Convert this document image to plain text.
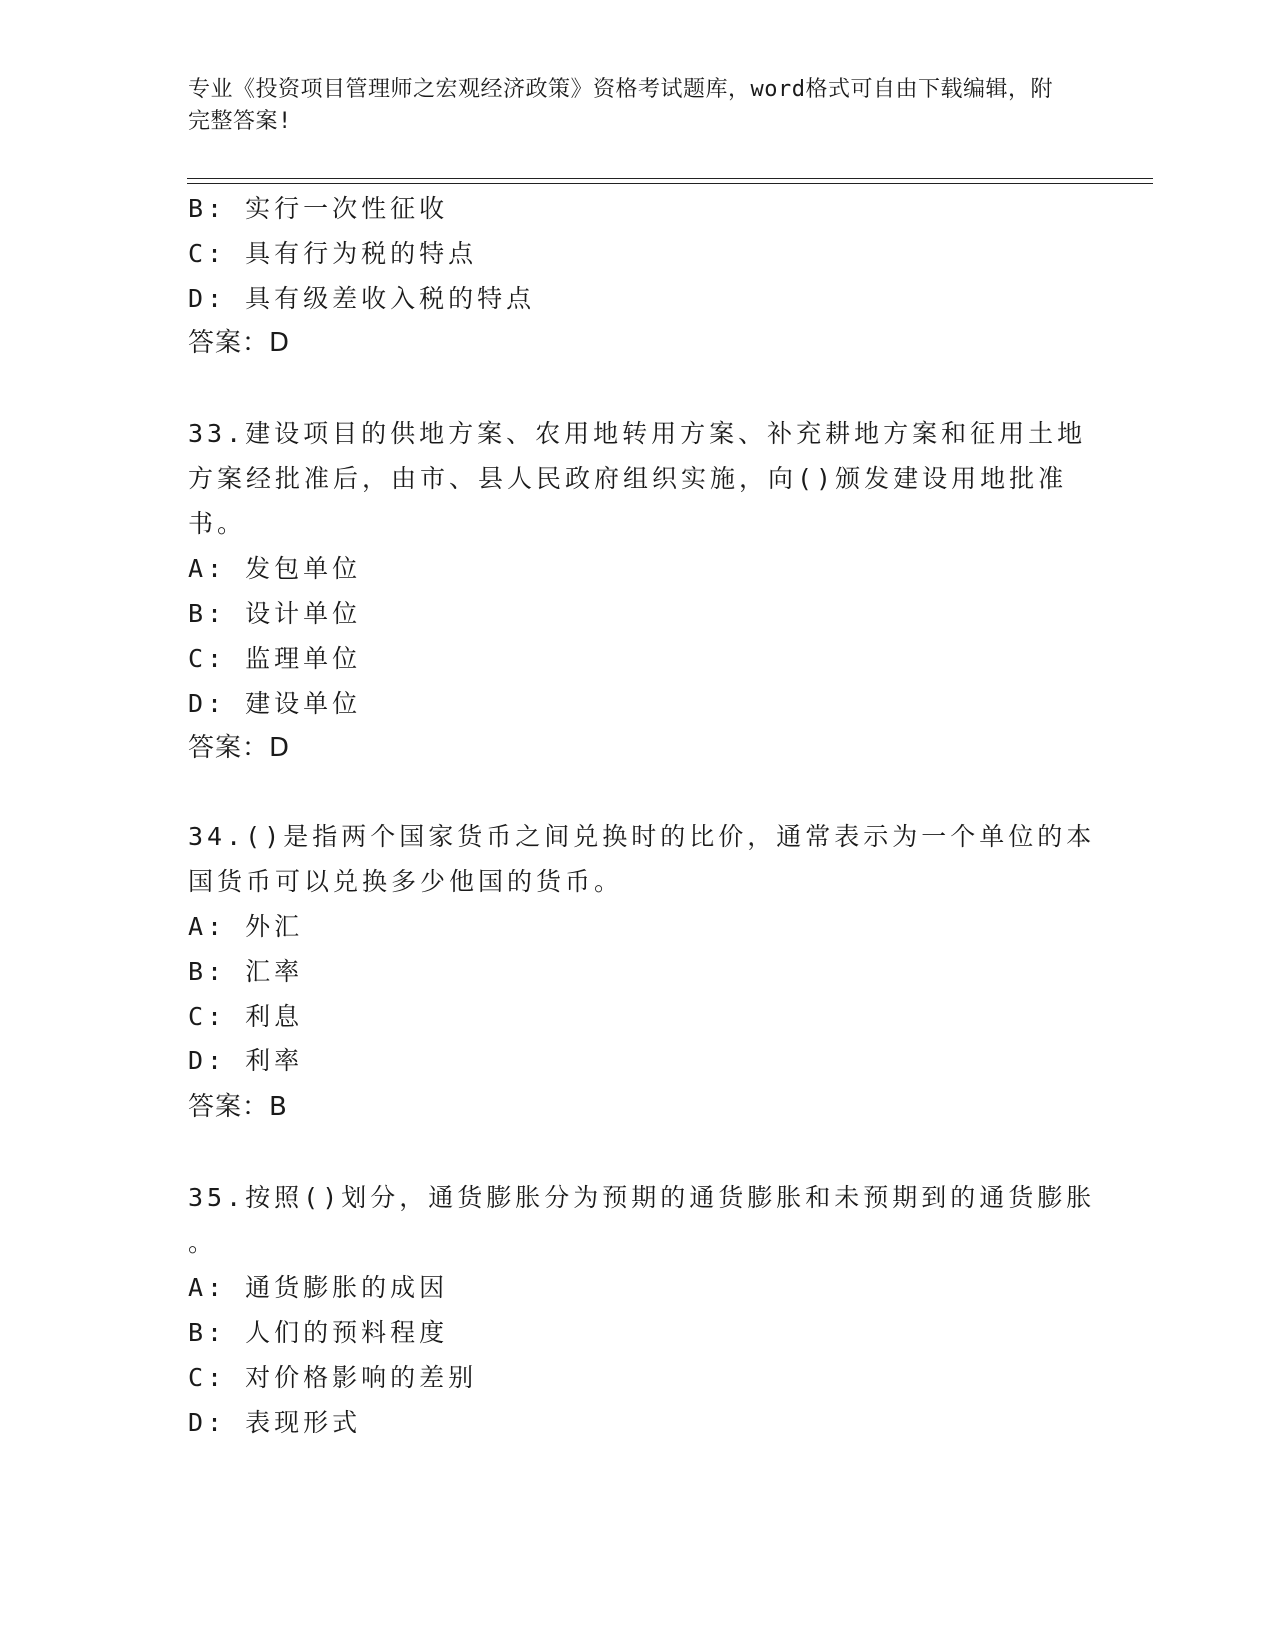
专业《投资项目管理师之宏观经济政策》资格考试题库，word格式可自由下载编辑，附完整答案!
B: 实行一次性征收
C: 具有行为税的特点
D: 具有级差收入税的特点
答案：D
33.建设项目的供地方案、农用地转用方案、补充耕地方案和征用土地
方案经批准后，由市、县人民政府组织实施，向()颁发建设用地批准
书。
A: 发包单位
B: 设计单位
C: 监理单位
D: 建设单位
答案：D
34.()是指两个国家货币之间兑换时的比价，通常表示为一个单位的本
国货币可以兑换多少他国的货币。
A: 外汇
B: 汇率
C: 利息
D: 利率
答案：B
35.按照()划分，通货膨胀分为预期的通货膨胀和未预期到的通货膨胀
。
A: 通货膨胀的成因
B: 人们的预料程度
C: 对价格影响的差别
D: 表现形式
